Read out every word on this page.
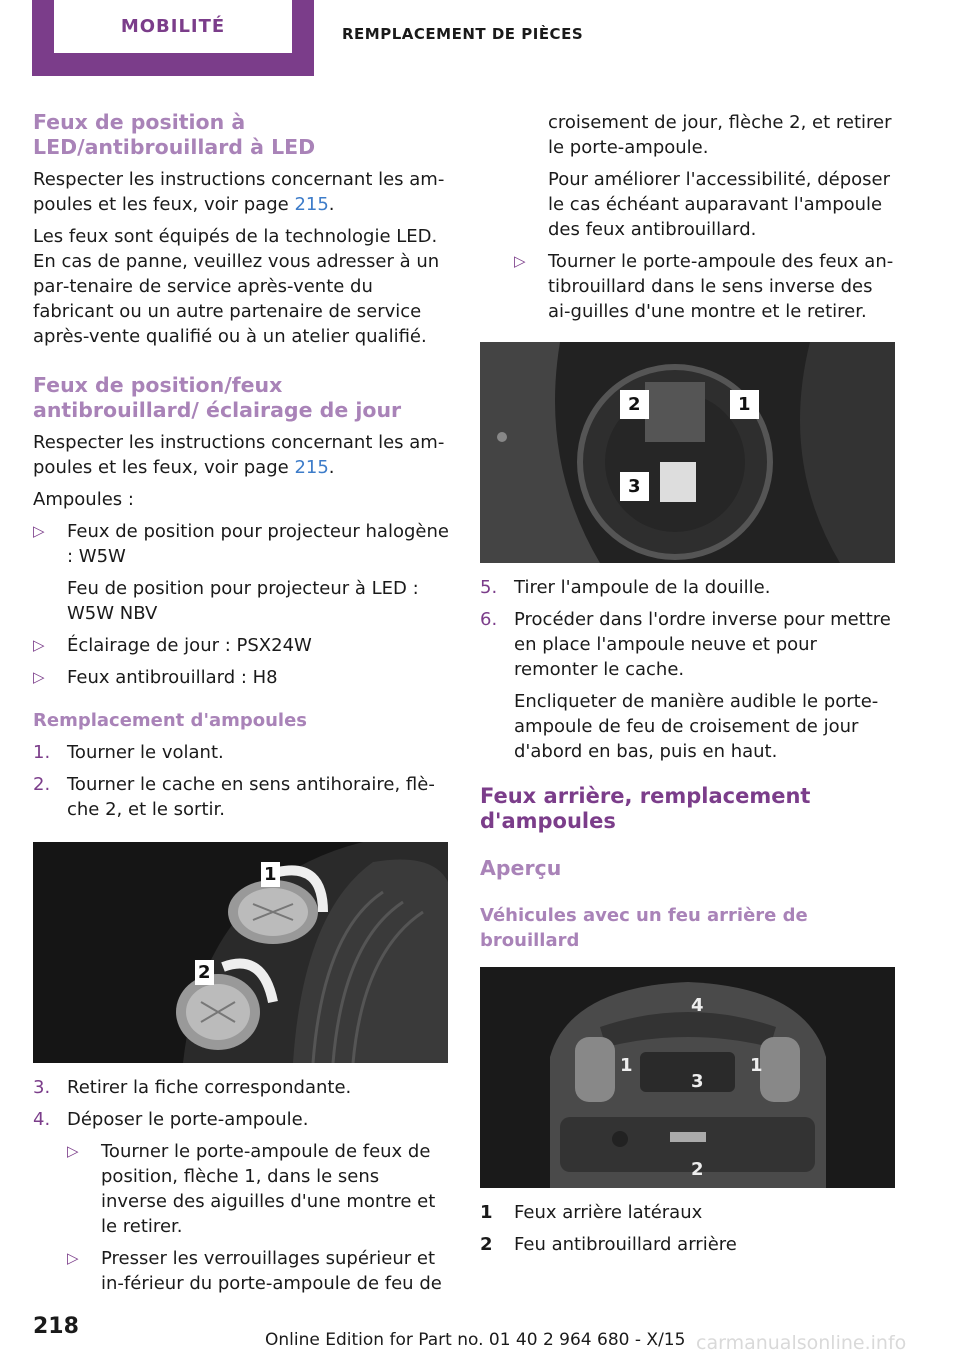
MOBILITÉ	REMPLACEMENT DE PIÈCES
Feux de position à LED/antibrouillard à LED

Respecter les instructions concernant les am‐poules et les feux, voir page 215.

Les feux sont équipés de la technologie LED. En cas de panne, veuillez vous adresser à un par‐tenaire de service après-vente du fabricant ou un autre partenaire de service après-vente qualifié ou à un atelier qualifié.

Feux de position/feux antibrouillard/ éclairage de jour

Respecter les instructions concernant les am‐poules et les feux, voir page 215.

Ampoules :

▷ Feux de position pour projecteur halogène : W5W
Feu de position pour projecteur à LED : W5W NBV
▷ Éclairage de jour : PSX24W
▷ Feux antibrouillard : H8
Remplacement d'ampoules
1. Tourner le volant.
2. Tourner le cache en sens antihoraire, flè‐che 2, et le sortir.
1
2
3. Retirer la fiche correspondante.
4. Déposer le porte-ampoule.
▷ Tourner le porte-ampoule de feux de position, flèche 1, dans le sens inverse des aiguilles d'une montre et le retirer.
▷ Presser les verrouillages supérieur et in‐férieur du porte-ampoule de feu de

croisement de jour, flèche 2, et retirer le porte-ampoule.

Pour améliorer l'accessibilité, déposer le cas échéant auparavant l'ampoule des feux antibrouillard.

▷ Tourner le porte-ampoule des feux an‐tibrouillard dans le sens inverse des ai‐guilles d'une montre et le retirer.
2	1
3
5. Tirer l'ampoule de la douille.
6. Procéder dans l'ordre inverse pour mettre en place l'ampoule neuve et pour remonter le cache.
Encliqueter de manière audible le porte-ampoule de feu de croisement de jour d'abord en bas, puis en haut.
Feux arrière, remplacement d'ampoules
Aperçu
Véhicules avec un feu arrière de brouillard
4
1
3
1
2
1 Feux arrière latéraux
2 Feu antibrouillard arrière
218
Online Edition for Part no. 01 40 2 964 680 - X/15 carmanualsonline.info
